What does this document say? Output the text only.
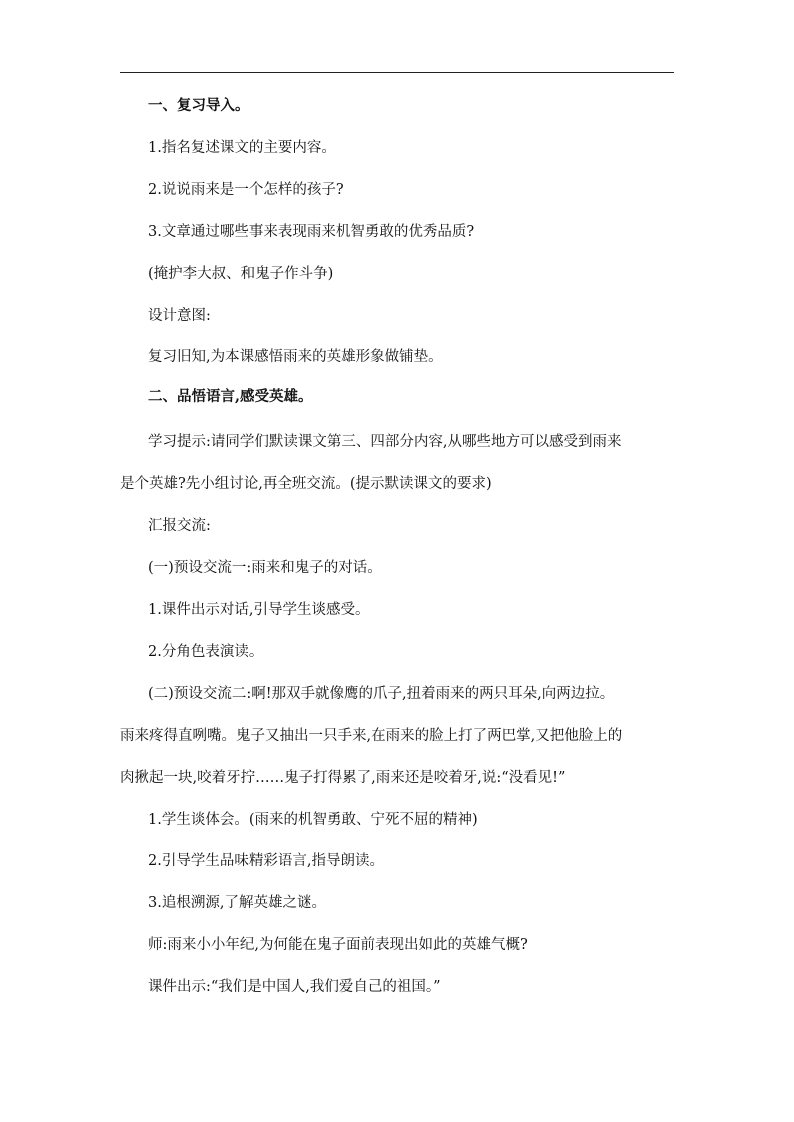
一、复习导入。
1.指名复述课文的主要内容。
2.说说雨来是一个怎样的孩子?
3.文章通过哪些事来表现雨来机智勇敢的优秀品质?
(掩护李大叔、和鬼子作斗争)
设计意图:
复习旧知,为本课感悟雨来的英雄形象做铺垫。
二、品悟语言,感受英雄。
学习提示:请同学们默读课文第三、四部分内容,从哪些地方可以感受到雨来
是个英雄?先小组讨论,再全班交流。(提示默读课文的要求)
汇报交流:
(一)预设交流一:雨来和鬼子的对话。
1.课件出示对话,引导学生谈感受。
2.分角色表演读。
(二)预设交流二:啊!那双手就像鹰的爪子,扭着雨来的两只耳朵,向两边拉。
雨来疼得直咧嘴。鬼子又抽出一只手来,在雨来的脸上打了两巴掌,又把他脸上的
肉揪起一块,咬着牙拧……鬼子打得累了,雨来还是咬着牙,说:“没看见!”
1.学生谈体会。(雨来的机智勇敢、宁死不屈的精神)
2.引导学生品味精彩语言,指导朗读。
3.追根溯源,了解英雄之谜。
师:雨来小小年纪,为何能在鬼子面前表现出如此的英雄气概?
课件出示:“我们是中国人,我们爱自己的祖国。”
